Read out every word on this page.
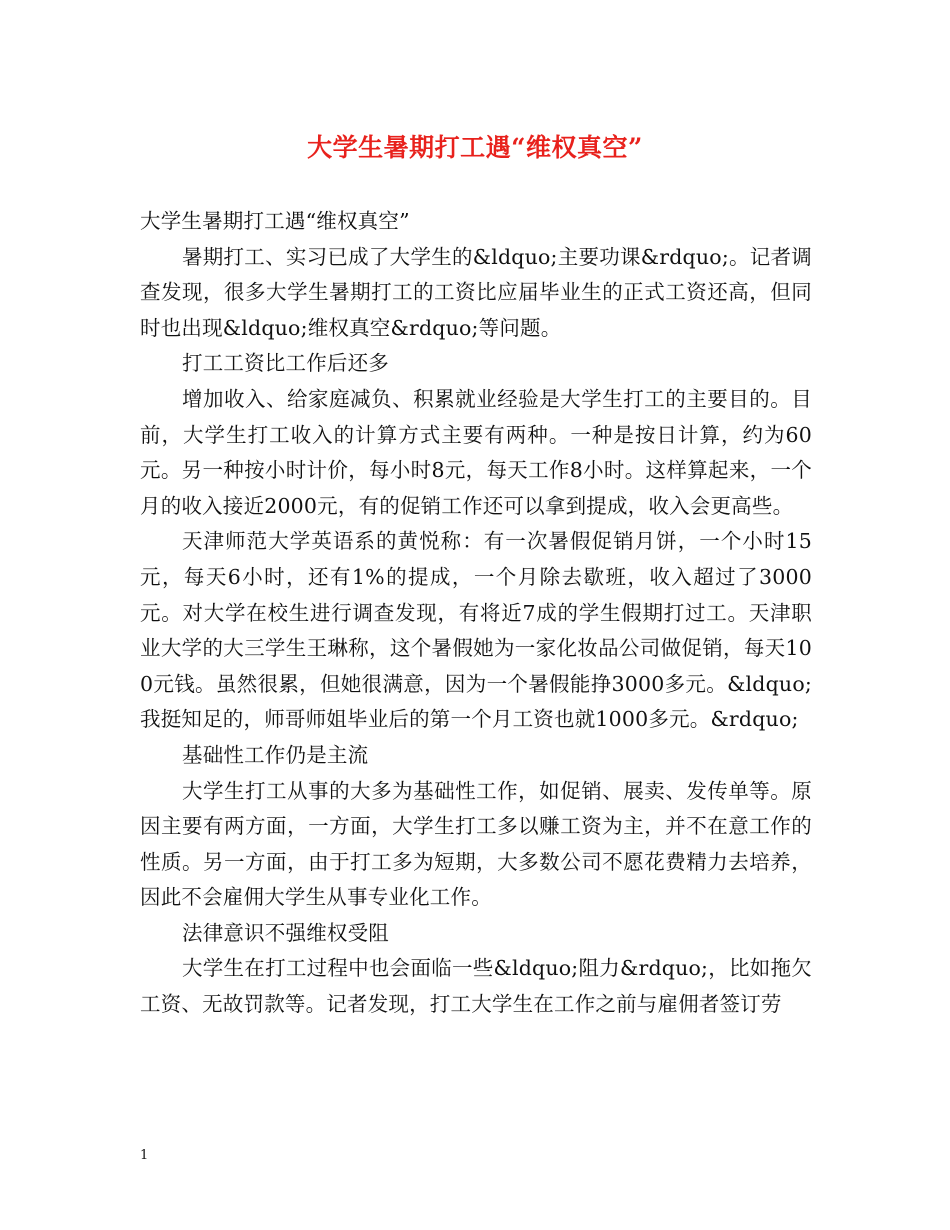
大学生暑期打工遇“维权真空”

大学生暑期打工遇“维权真空”

暑期打工、实习已成了大学生的&ldquo;主要功课&rdquo;。记者调查发现，很多大学生暑期打工的工资比应届毕业生的正式工资还高，但同时也出现&ldquo;维权真空&rdquo;等问题。

打工工资比工作后还多

增加收入、给家庭减负、积累就业经验是大学生打工的主要目的。目前，大学生打工收入的计算方式主要有两种。一种是按日计算，约为60元。另一种按小时计价，每小时8元，每天工作8小时。这样算起来，一个月的收入接近2000元，有的促销工作还可以拿到提成，收入会更高些。

天津师范大学英语系的黄悦称：有一次暑假促销月饼，一个小时15元，每天6小时，还有1%的提成，一个月除去歇班，收入超过了3000元。对大学在校生进行调查发现，有将近7成的学生假期打过工。天津职业大学的大三学生王琳称，这个暑假她为一家化妆品公司做促销，每天100元钱。虽然很累，但她很满意，因为一个暑假能挣3000多元。&ldquo;我挺知足的，师哥师姐毕业后的第一个月工资也就1000多元。&rdquo;

基础性工作仍是主流

大学生打工从事的大多为基础性工作，如促销、展卖、发传单等。原因主要有两方面，一方面，大学生打工多以赚工资为主，并不在意工作的性质。另一方面，由于打工多为短期，大多数公司不愿花费精力去培养，因此不会雇佣大学生从事专业化工作。

法律意识不强维权受阻

大学生在打工过程中也会面临一些&ldquo;阻力&rdquo;，比如拖欠工资、无故罚款等。记者发现，打工大学生在工作之前与雇佣者签订劳

1
